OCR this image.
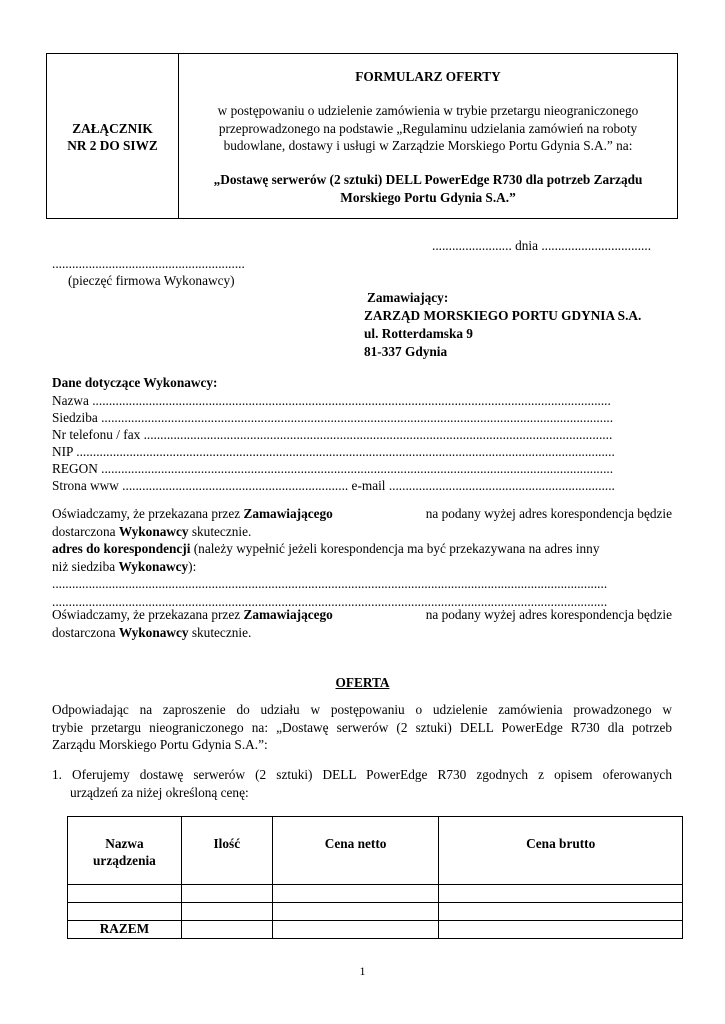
ZAŁĄCZNIK
NR 2 DO SIWZ
FORMULARZ OFERTY
w postępowaniu o udzielenie zamówienia w trybie przetargu nieograniczonego
przeprowadzonego na podstawie „Regulaminu udzielania zamówień na roboty
budowlane, dostawy i usługi w Zarządzie Morskiego Portu Gdynia S.A.” na:
„Dostawę serwerów (2 sztuki) DELL PowerEdge R730 dla potrzeb Zarządu
Morskiego Portu Gdynia S.A.”
........................ dnia .................................
..........................................................
(pieczęć firmowa Wykonawcy)
Zamawiający:
ZARZĄD MORSKIEGO PORTU GDYNIA S.A.
ul. Rotterdamska 9
81-337 Gdynia
Dane dotyczące Wykonawcy:
Nazwa ............................................................................................................................................................
Siedziba ..........................................................................................................................................................
Nr telefonu / fax .............................................................................................................................................
NIP ..................................................................................................................................................................
REGON ..........................................................................................................................................................
Strona www .................................................................... e-mail ....................................................................
Oświadczamy, że przekazana przez Zamawiającego	na podany wyżej adres korespondencja będzie
dostarczona Wykonawcy skutecznie.
adres do korespondencji (należy wypełnić jeżeli korespondencja ma być przekazywana na adres inny
niż siedziba Wykonawcy):
.......................................................................................................................................................................
.......................................................................................................................................................................
Oświadczamy, że przekazana przez Zamawiającego	na podany wyżej adres korespondencja będzie
dostarczona Wykonawcy skutecznie.
OFERTA
Odpowiadając na zaproszenie do udziału w postępowaniu o udzielenie zamówienia prowadzonego w
trybie przetargu nieograniczonego na: „Dostawę serwerów (2 sztuki) DELL PowerEdge R730 dla potrzeb
Zarządu Morskiego Portu Gdynia S.A.”:
1. Oferujemy dostawę serwerów (2 sztuki) DELL PowerEdge R730 zgodnych z opisem oferowanych
urządzeń za niżej określoną cenę:
Nazwa
urządzenia	Ilość	Cena netto	Cena brutto

RAZEM			
1
